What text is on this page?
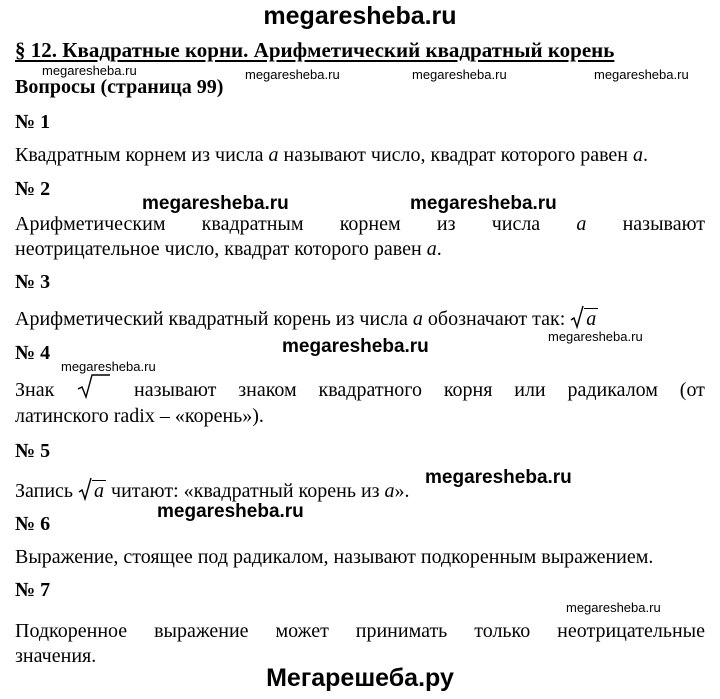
megaresheba.ru
§ 12. Квадратные корни. Арифметический квадратный корень
megaresheba.ru	megaresheba.ru	megaresheba.ru	megaresheba.ru
Вопросы (страница 99)
№ 1
Квадратным корнем из числа a называют число, квадрат которого равен a.
№ 2
megaresheba.ru	megaresheba.ru
Арифметическим квадратным корнем из числа a называют
неотрицательное число, квадрат которого равен a.
№ 3
Арифметический квадратный корень из числа a обозначают так: a
№ 4
megaresheba.ru
megaresheba.ru	megaresheba.ru
Знак	называют знаком квадратного корня или радикалом (от
латинского radix – «корень»).
№ 5
megaresheba.ru
Запись a читают: «квадратный корень из a».
megaresheba.ru
№ 6
Выражение, стоящее под радикалом, называют подкоренным выражением.
№ 7
megaresheba.ru
Подкоренное выражение может принимать только неотрицательные
значения.
Мегарешеба.ру
